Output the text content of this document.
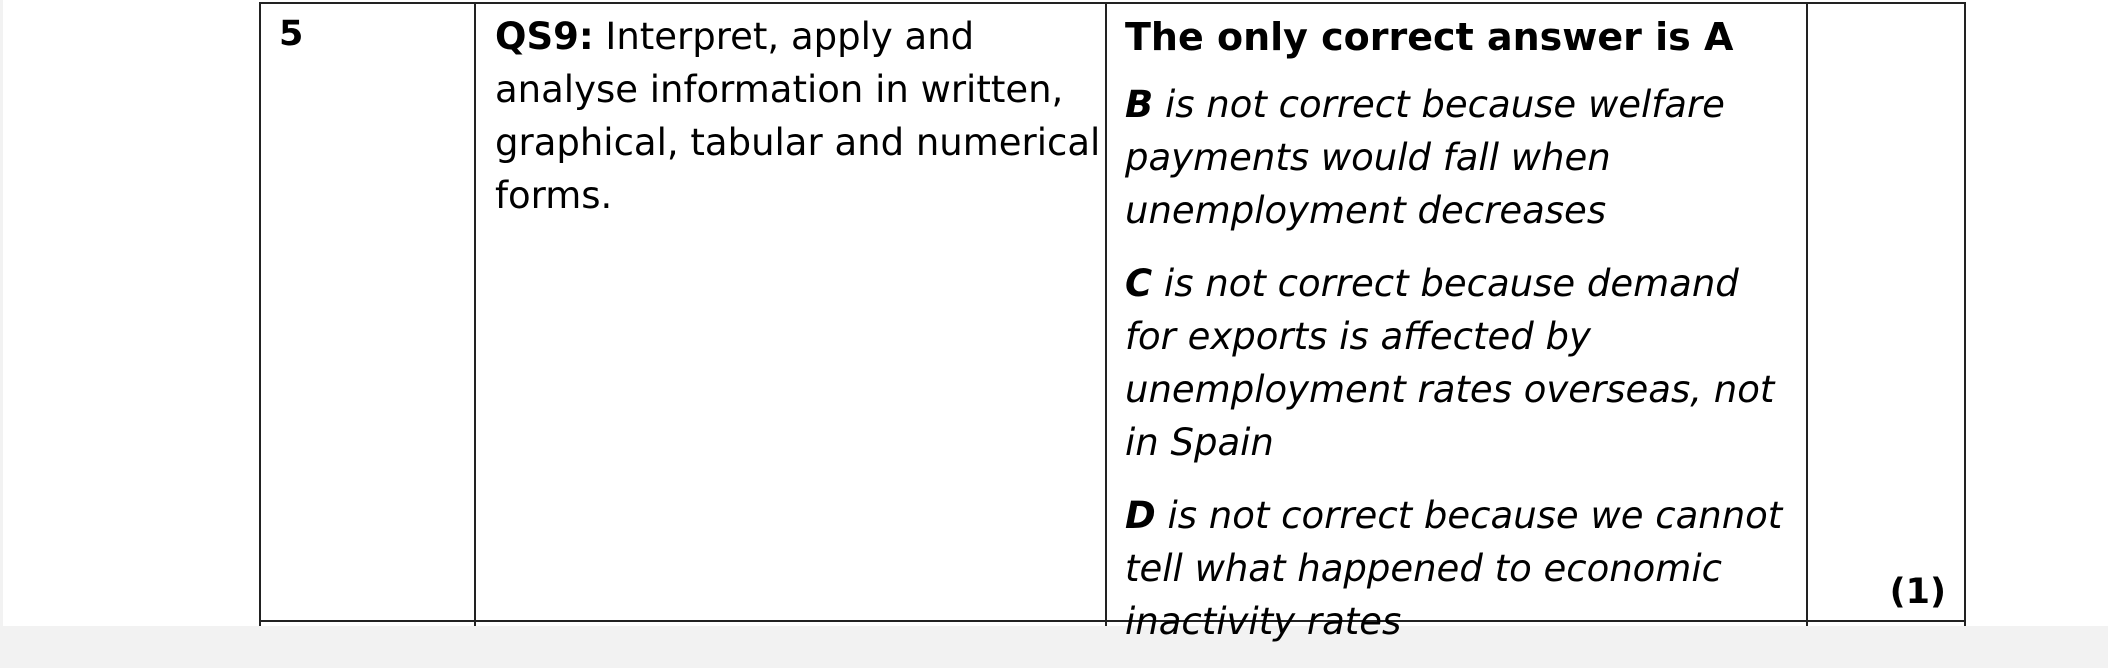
5	QS9: Interpret, apply and analyse information in written, graphical, tabular and numerical forms.

The only correct answer is A

B is not correct because welfare payments would fall when unemployment decreases

C is not correct because demand for exports is affected by unemployment rates overseas, not in Spain

D is not correct because we cannot tell what happened to economic inactivity rates

(1)
